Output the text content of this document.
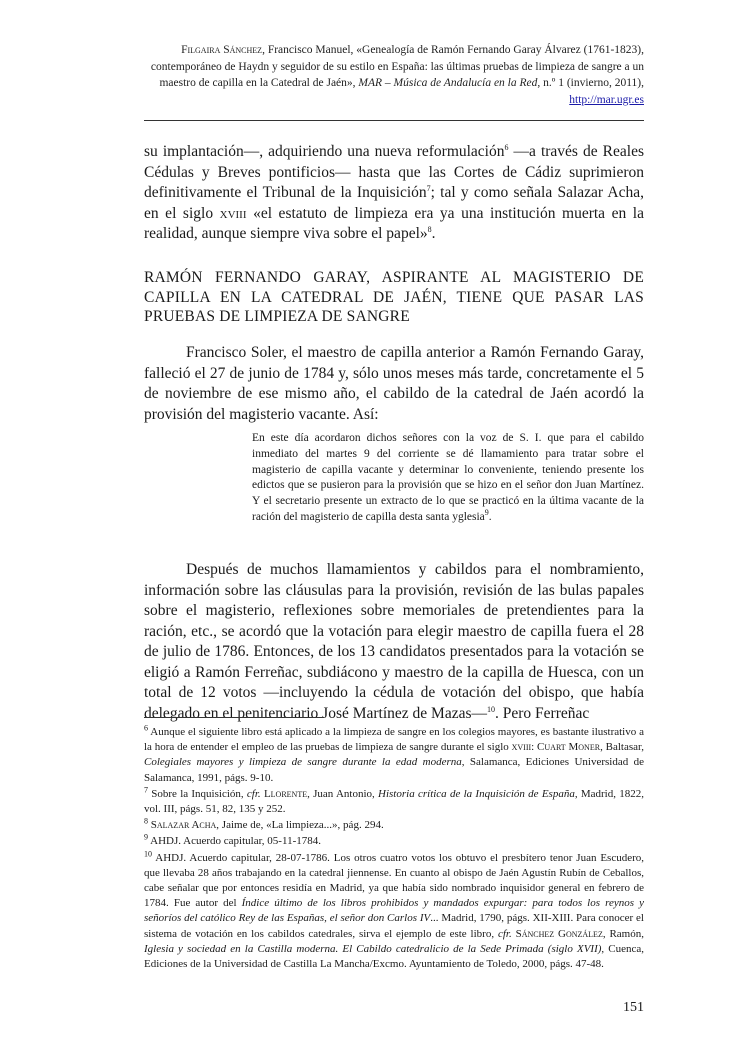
Filgaira Sánchez, Francisco Manuel, «Genealogía de Ramón Fernando Garay Álvarez (1761-1823), contemporáneo de Haydn y seguidor de su estilo en España: las últimas pruebas de limpieza de sangre a un maestro de capilla en la Catedral de Jaén», MAR – Música de Andalucía en la Red, n.º 1 (invierno, 2011), http://mar.ugr.es
su implantación—, adquiriendo una nueva reformulación$^6$ —a través de Reales Cédulas y Breves pontificios— hasta que las Cortes de Cádiz suprimieron definitivamente el Tribunal de la Inquisición$^7$; tal y como señala Salazar Acha, en el siglo xviii «el estatuto de limpieza era ya una institución muerta en la realidad, aunque siempre viva sobre el papel»$^8$.
RAMÓN FERNANDO GARAY, ASPIRANTE AL MAGISTERIO DE CAPILLA EN LA CATEDRAL DE JAÉN, TIENE QUE PASAR LAS PRUEBAS DE LIMPIEZA DE SANGRE
Francisco Soler, el maestro de capilla anterior a Ramón Fernando Garay, falleció el 27 de junio de 1784 y, sólo unos meses más tarde, concretamente el 5 de noviembre de ese mismo año, el cabildo de la catedral de Jaén acordó la provisión del magisterio vacante. Así:
En este día acordaron dichos señores con la voz de S. I. que para el cabildo inmediato del martes 9 del corriente se dé llamamiento para tratar sobre el magisterio de capilla vacante y determinar lo conveniente, teniendo presente los edictos que se pusieron para la provisión que se hizo en el señor don Juan Martínez. Y el secretario presente un extracto de lo que se practicó en la última vacante de la ración del magisterio de capilla desta santa yglesia$^9$.
Después de muchos llamamientos y cabildos para el nombramiento, información sobre las cláusulas para la provisión, revisión de las bulas papales sobre el magisterio, reflexiones sobre memoriales de pretendientes para la ración, etc., se acordó que la votación para elegir maestro de capilla fuera el 28 de julio de 1786. Entonces, de los 13 candidatos presentados para la votación se eligió a Ramón Ferreñac, subdiácono y maestro de la capilla de Huesca, con un total de 12 votos —incluyendo la cédula de votación del obispo, que había delegado en el penitenciario José Martínez de Mazas—$^{10}$. Pero Ferreñac
$^6$ Aunque el siguiente libro está aplicado a la limpieza de sangre en los colegios mayores, es bastante ilustrativo a la hora de entender el empleo de las pruebas de limpieza de sangre durante el siglo xviii: Cuart Moner, Baltasar, Colegiales mayores y limpieza de sangre durante la edad moderna, Salamanca, Ediciones Universidad de Salamanca, 1991, págs. 9-10.
$^7$ Sobre la Inquisición, cfr. Llorente, Juan Antonio, Historia crítica de la Inquisición de España, Madrid, 1822, vol. III, págs. 51, 82, 135 y 252.
$^8$ Salazar Acha, Jaime de, «La limpieza...», pág. 294.
$^9$ AHDJ. Acuerdo capitular, 05-11-1784.
$^{10}$ AHDJ. Acuerdo capitular, 28-07-1786. Los otros cuatro votos los obtuvo el presbítero tenor Juan Escudero, que llevaba 28 años trabajando en la catedral jiennense. En cuanto al obispo de Jaén Agustín Rubín de Ceballos, cabe señalar que por entonces residía en Madrid, ya que había sido nombrado inquisidor general en febrero de 1784. Fue autor del Índice último de los libros prohibidos y mandados expurgar: para todos los reynos y señoríos del católico Rey de las Españas, el señor don Carlos IV... Madrid, 1790, págs. XII-XIII. Para conocer el sistema de votación en los cabildos catedrales, sirva el ejemplo de este libro, cfr. Sánchez González, Ramón, Iglesia y sociedad en la Castilla moderna. El Cabildo catedralicio de la Sede Primada (siglo XVII), Cuenca, Ediciones de la Universidad de Castilla La Mancha/Excmo. Ayuntamiento de Toledo, 2000, págs. 47-48.
151
